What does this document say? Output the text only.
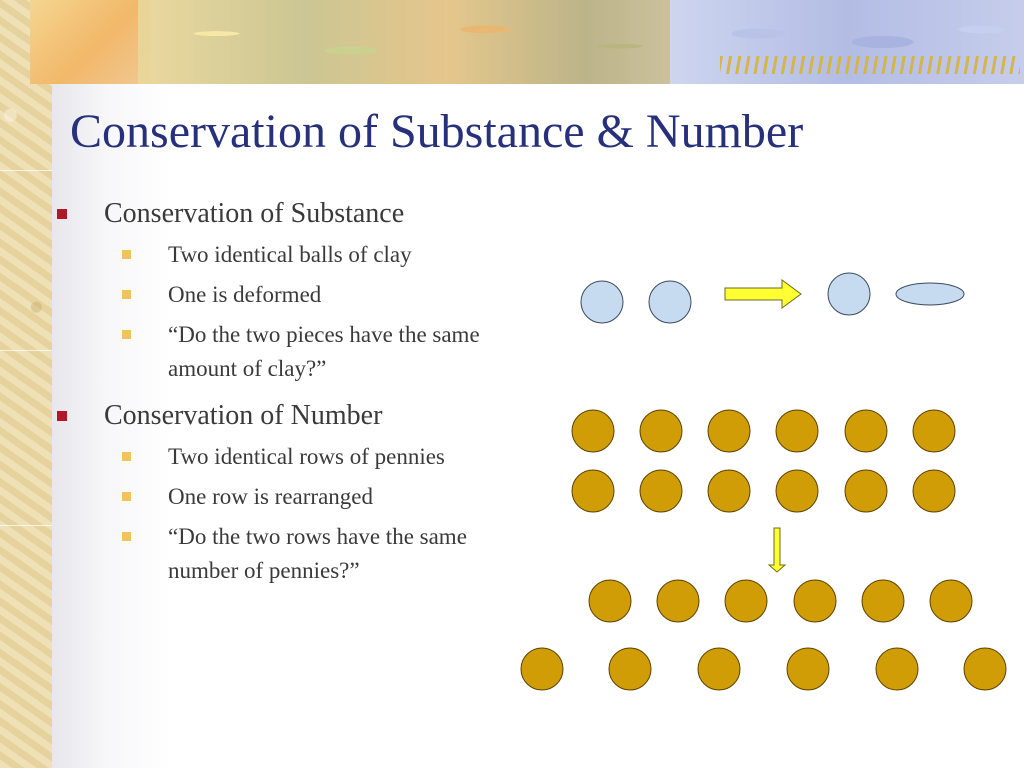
Conservation of Substance & Number
Conservation of Substance
Two identical balls of clay
One is deformed
“Do the two pieces have the same amount of clay?”
Conservation of Number
Two identical rows of pennies
One row is rearranged
“Do the two rows have the same number of pennies?”
